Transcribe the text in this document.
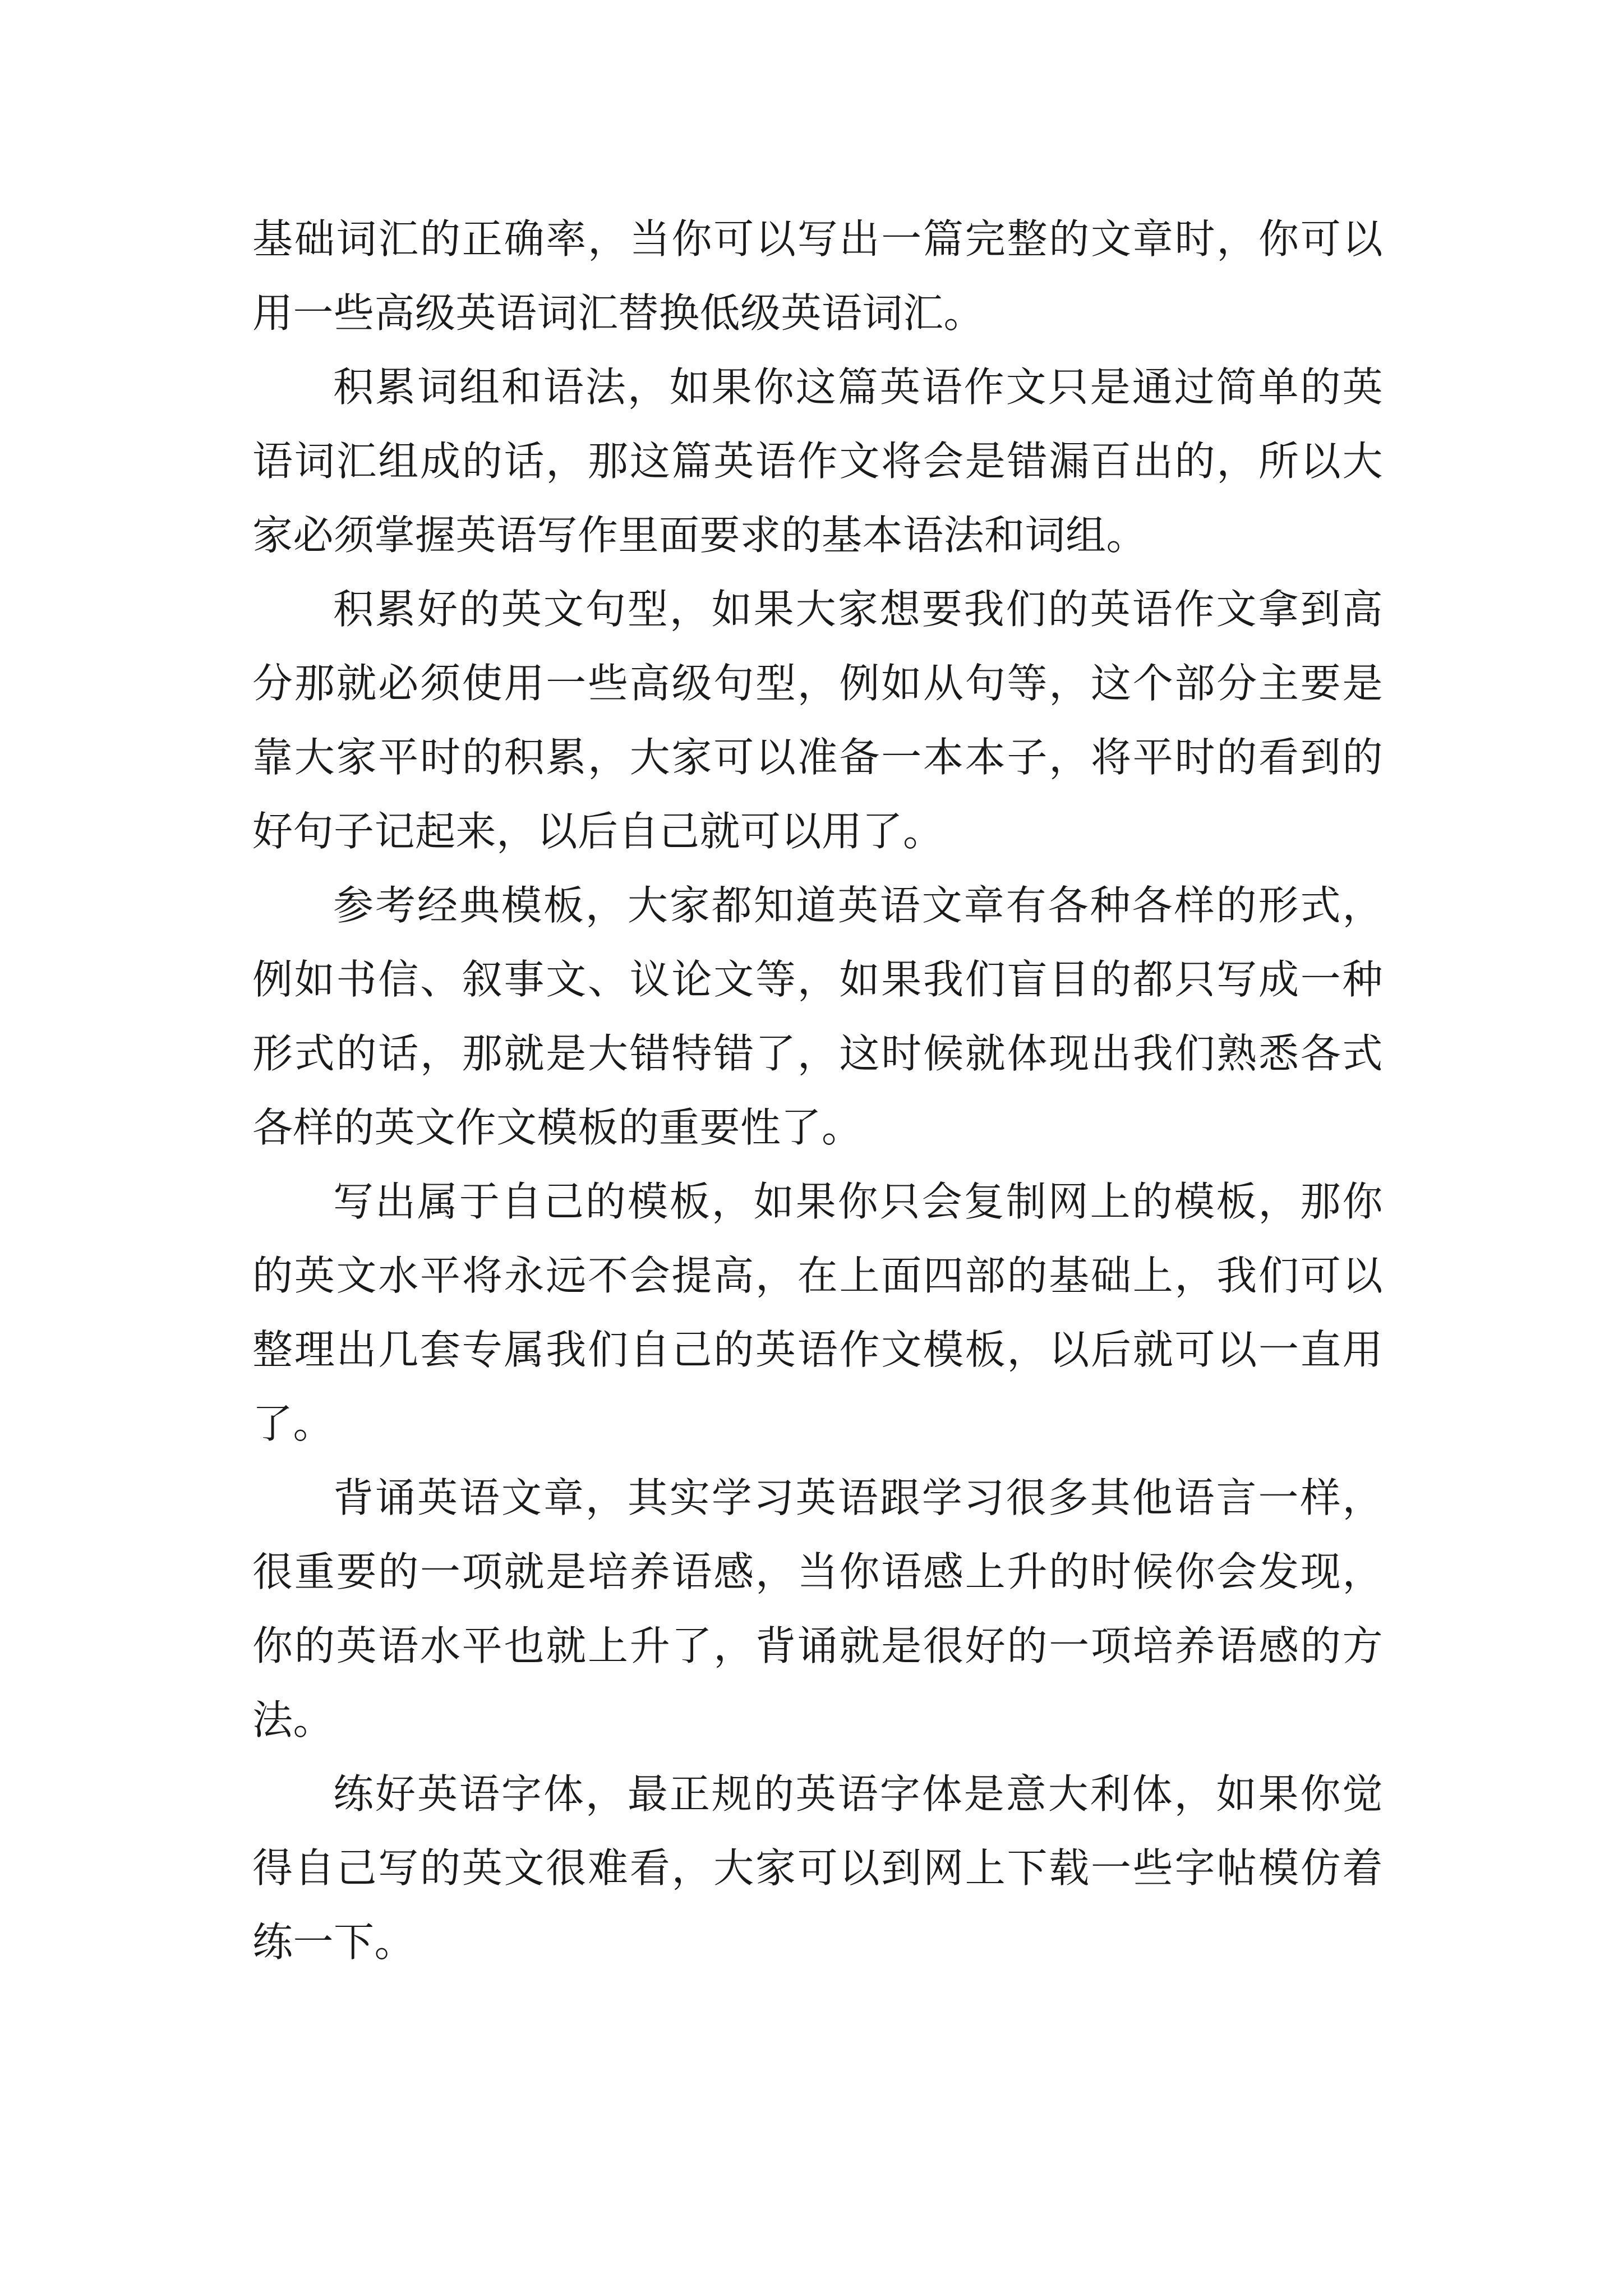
基础词汇的正确率，当你可以写出一篇完整的文章时，你可以用一些高级英语词汇替换低级英语词汇。

积累词组和语法，如果你这篇英语作文只是通过简单的英语词汇组成的话，那这篇英语作文将会是错漏百出的，所以大家必须掌握英语写作里面要求的基本语法和词组。

积累好的英文句型，如果大家想要我们的英语作文拿到高分那就必须使用一些高级句型，例如从句等，这个部分主要是靠大家平时的积累，大家可以准备一本本子，将平时的看到的好句子记起来，以后自己就可以用了。

参考经典模板，大家都知道英语文章有各种各样的形式，例如书信、叙事文、议论文等，如果我们盲目的都只写成一种形式的话，那就是大错特错了，这时候就体现出我们熟悉各式各样的英文作文模板的重要性了。

写出属于自己的模板，如果你只会复制网上的模板，那你的英文水平将永远不会提高，在上面四部的基础上，我们可以整理出几套专属我们自己的英语作文模板，以后就可以一直用了。

背诵英语文章，其实学习英语跟学习很多其他语言一样，很重要的一项就是培养语感，当你语感上升的时候你会发现，你的英语水平也就上升了，背诵就是很好的一项培养语感的方法。

练好英语字体，最正规的英语字体是意大利体，如果你觉得自己写的英文很难看，大家可以到网上下载一些字帖模仿着练一下。
